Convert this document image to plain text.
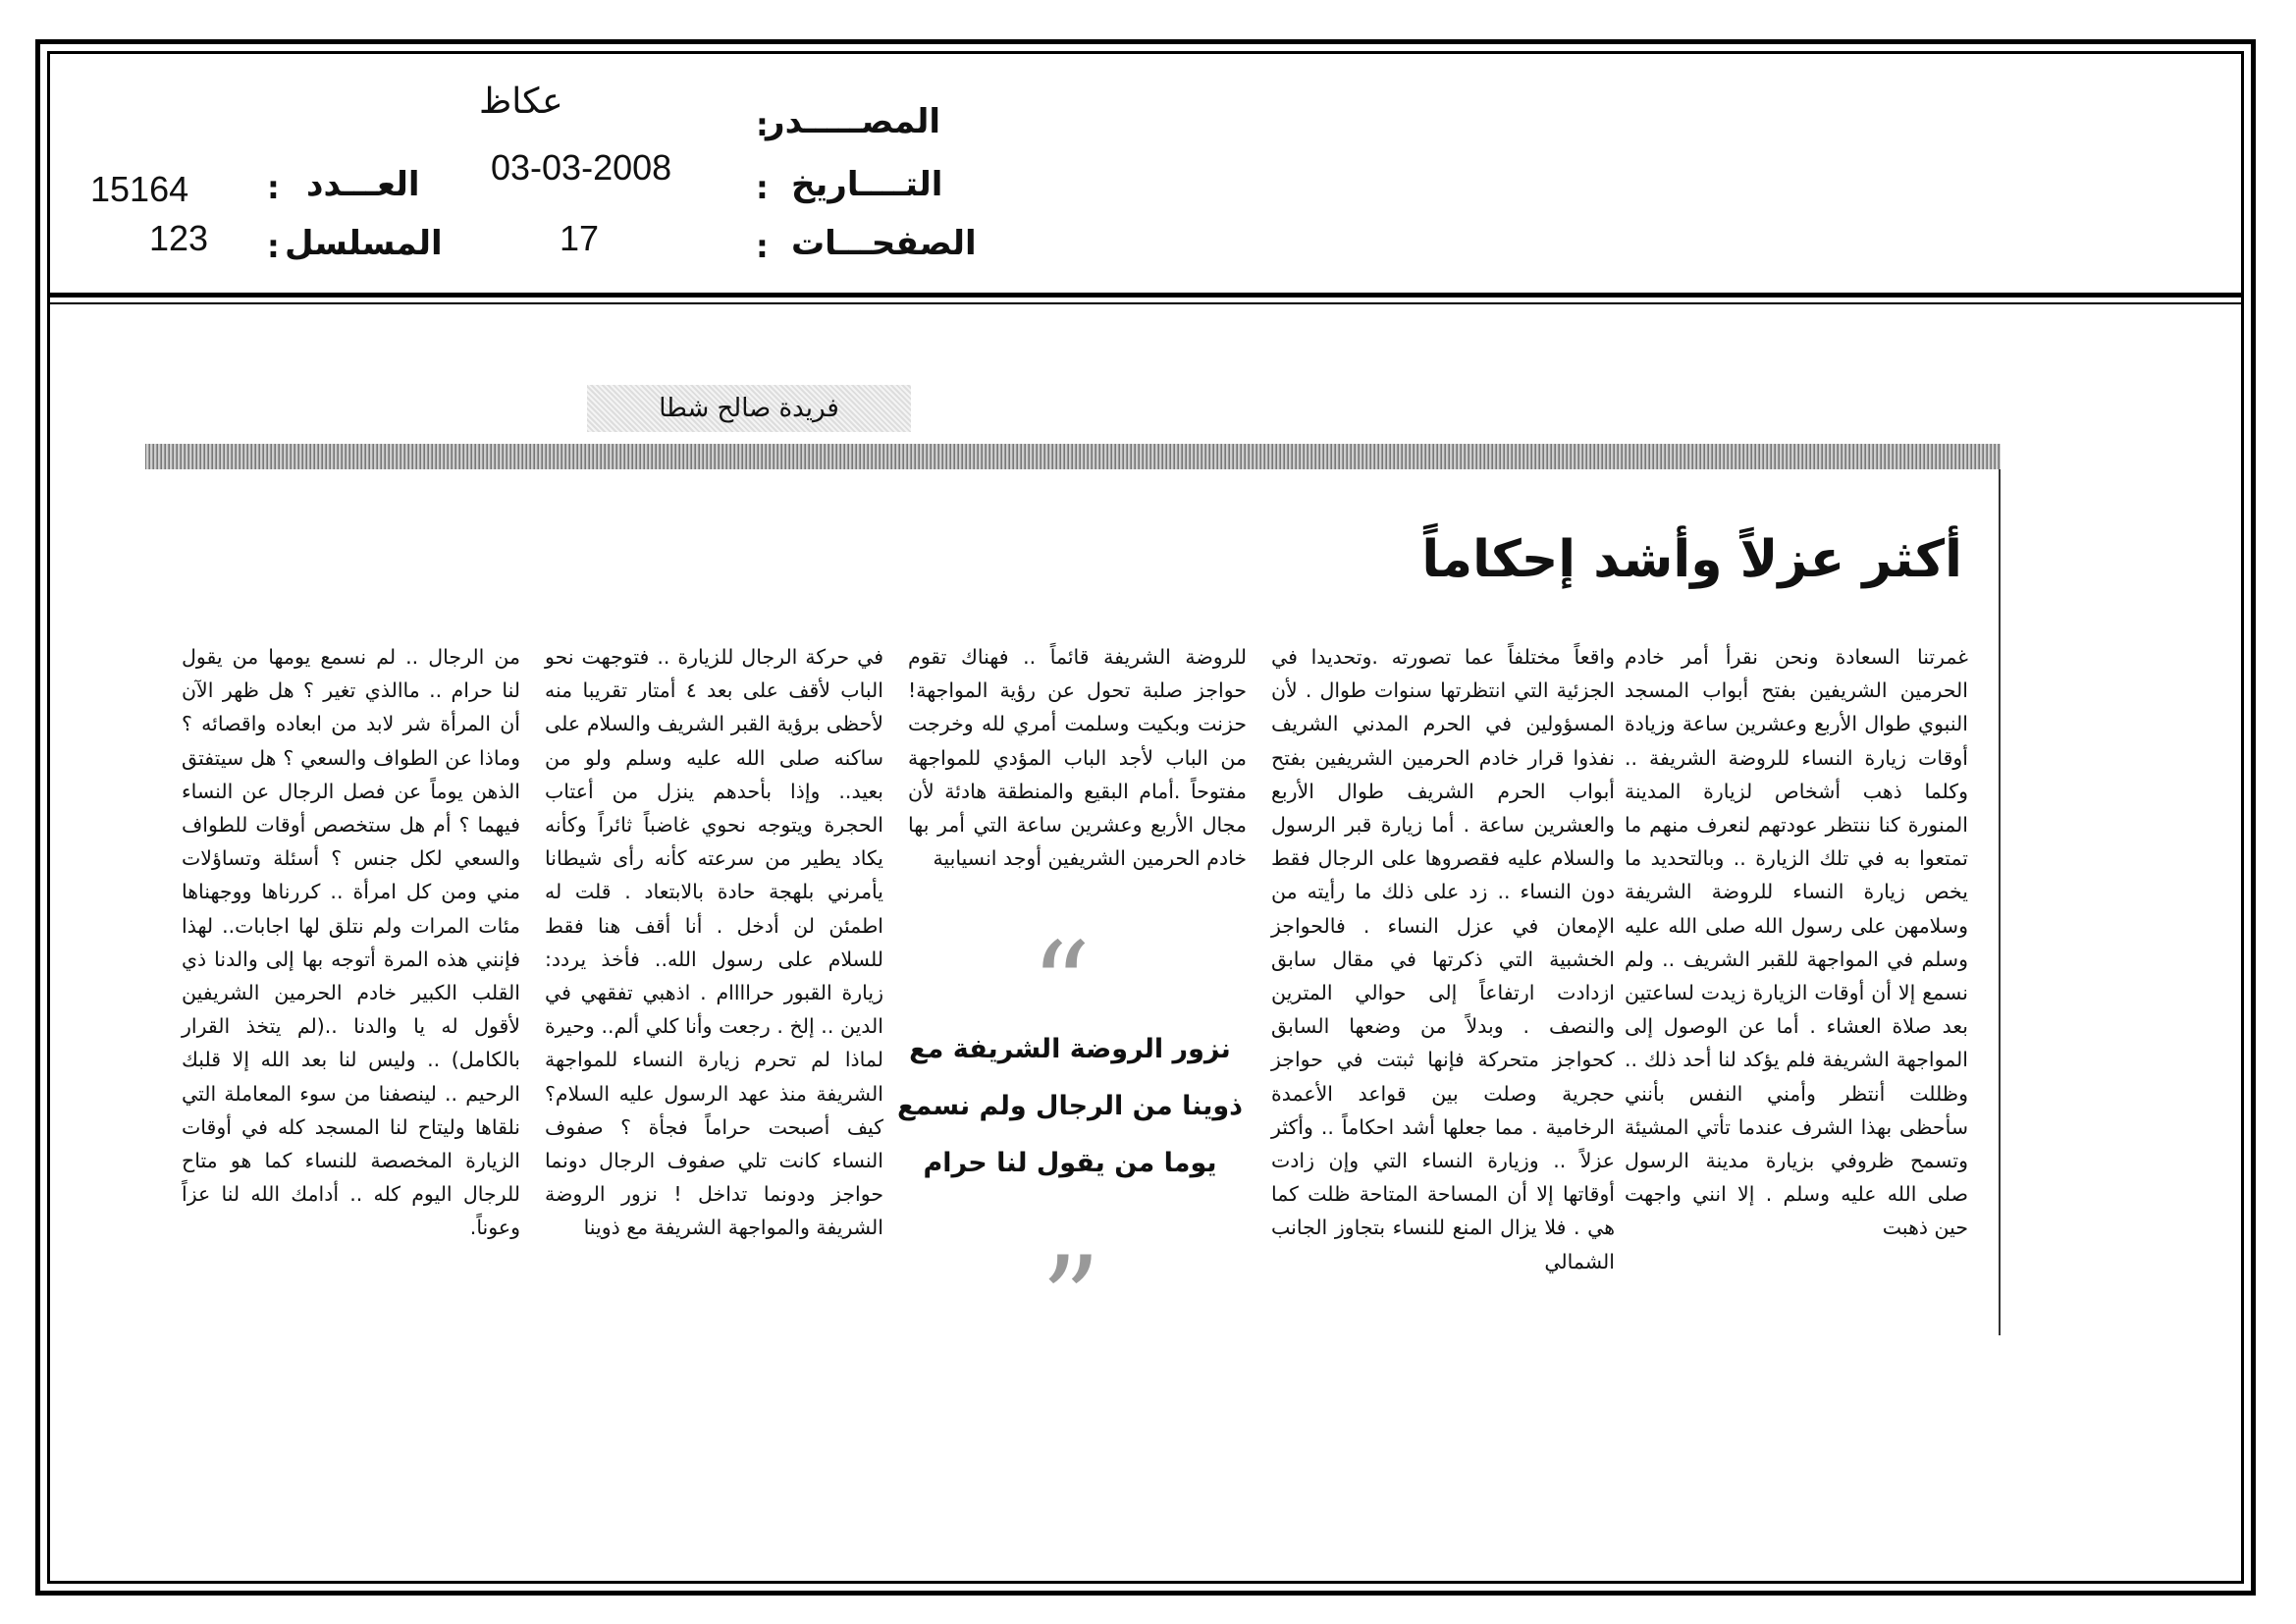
المصـــــدر
:
عكاظ
التــــاريخ
:
03-03-2008
الصفحـــات
:
17
العـــدد
:
15164
المسلسل
:
123
فريدة صالح شطا
أكثر عزلاً وأشد إحكاماً
غمرتنا السعادة ونحن نقرأ أمر خادم الحرمين الشريفين بفتح أبواب المسجد النبوي طوال الأربع وعشرين ساعة وزيادة أوقات زيارة النساء للروضة الشريفة .. وكلما ذهب أشخاص لزيارة المدينة المنورة كنا ننتظر عودتهم لنعرف منهم ما تمتعوا به في تلك الزيارة .. وبالتحديد ما يخص زيارة النساء للروضة الشريفة وسلامهن على رسول الله صلى الله عليه وسلم في المواجهة للقبر الشريف .. ولم نسمع إلا أن أوقات الزيارة زيدت لساعتين بعد صلاة العشاء . أما عن الوصول إلى المواجهة الشريفة فلم يؤكد لنا أحد ذلك .. وظللت أنتظر وأمني النفس بأنني سأحظى بهذا الشرف عندما تأتي المشيئة وتسمح ظروفي بزيارة مدينة الرسول صلى الله عليه وسلم . إلا انني واجهت حين ذهبت
واقعاً مختلفاً عما تصورته .وتحديدا في الجزئية التي انتظرتها سنوات طوال . لأن المسؤولين في الحرم المدني الشريف نفذوا قرار خادم الحرمين الشريفين بفتح أبواب الحرم الشريف طوال الأربع والعشرين ساعة . أما زيارة قبر الرسول والسلام عليه فقصروها على الرجال فقط دون النساء .. زد على ذلك ما رأيته من الإمعان في عزل النساء . فالحواجز الخشبية التي ذكرتها في مقال سابق ازدادت ارتفاعاً إلى حوالي المترين والنصف . وبدلاً من وضعها السابق كحواجز متحركة فإنها ثبتت في حواجز حجرية وصلت بين قواعد الأعمدة الرخامية . مما جعلها أشد احكاماً .. وأكثر عزلاً .. وزيارة النساء التي وإن زادت أوقاتها إلا أن المساحة المتاحة ظلت كما هي . فلا يزال المنع للنساء بتجاوز الجانب الشمالي
للروضة الشريفة قائماً .. فهناك تقوم حواجز صلبة تحول عن رؤية المواجهة! حزنت وبكيت وسلمت أمري لله وخرجت من الباب لأجد الباب المؤدي للمواجهة مفتوحاً .أمام البقيع والمنطقة هادئة لأن مجال الأربع وعشرين ساعة التي أمر بها خادم الحرمين الشريفين أوجد انسيابية
في حركة الرجال للزيارة .. فتوجهت نحو الباب لأقف على بعد ٤ أمتار تقريبا منه لأحظى برؤية القبر الشريف والسلام على ساكنه صلى الله عليه وسلم ولو من بعيد.. وإذا بأحدهم ينزل من أعتاب الحجرة ويتوجه نحوي غاضباً ثائراً وكأنه يكاد يطير من سرعته كأنه رأى شيطانا يأمرني بلهجة حادة بالابتعاد . قلت له اطمئن لن أدخل . أنا أقف هنا فقط للسلام على رسول الله.. فأخذ يردد: زيارة القبور حراااام . اذهبي تفقهي في الدين .. إلخ . رجعت وأنا كلي ألم.. وحيرة لماذا لم تحرم زيارة النساء للمواجهة الشريفة منذ عهد الرسول عليه السلام؟ كيف أصبحت حراماً فجأة ؟ صفوف النساء كانت تلي صفوف الرجال دونما حواجز ودونما تداخل ! نزور الروضة الشريفة والمواجهة الشريفة مع ذوينا
من الرجال .. لم نسمع يومها من يقول لنا حرام .. ماالذي تغير ؟ هل ظهر الآن أن المرأة شر لابد من ابعاده واقصائه ؟ وماذا عن الطواف والسعي ؟ هل سيتفتق الذهن يوماً عن فصل الرجال عن النساء فيهما ؟ أم هل ستخصص أوقات للطواف والسعي لكل جنس ؟ أسئلة وتساؤلات مني ومن كل امرأة .. كررناها ووجهناها مئات المرات ولم نتلق لها اجابات.. لهذا فإنني هذه المرة أتوجه بها إلى والدنا ذي القلب الكبير خادم الحرمين الشريفين لأقول له يا والدنا ..(لم يتخذ القرار بالكامل) .. وليس لنا بعد الله إلا قلبك الرحيم .. لينصفنا من سوء المعاملة التي نلقاها وليتاح لنا المسجد كله في أوقات الزيارة المخصصة للنساء كما هو متاح للرجال اليوم كله .. أدامك الله لنا عزاً وعوناً.
“
نزور الروضة الشريفة مع ذوينا من الرجال ولم نسمع يوما من يقول لنا حرام
”
